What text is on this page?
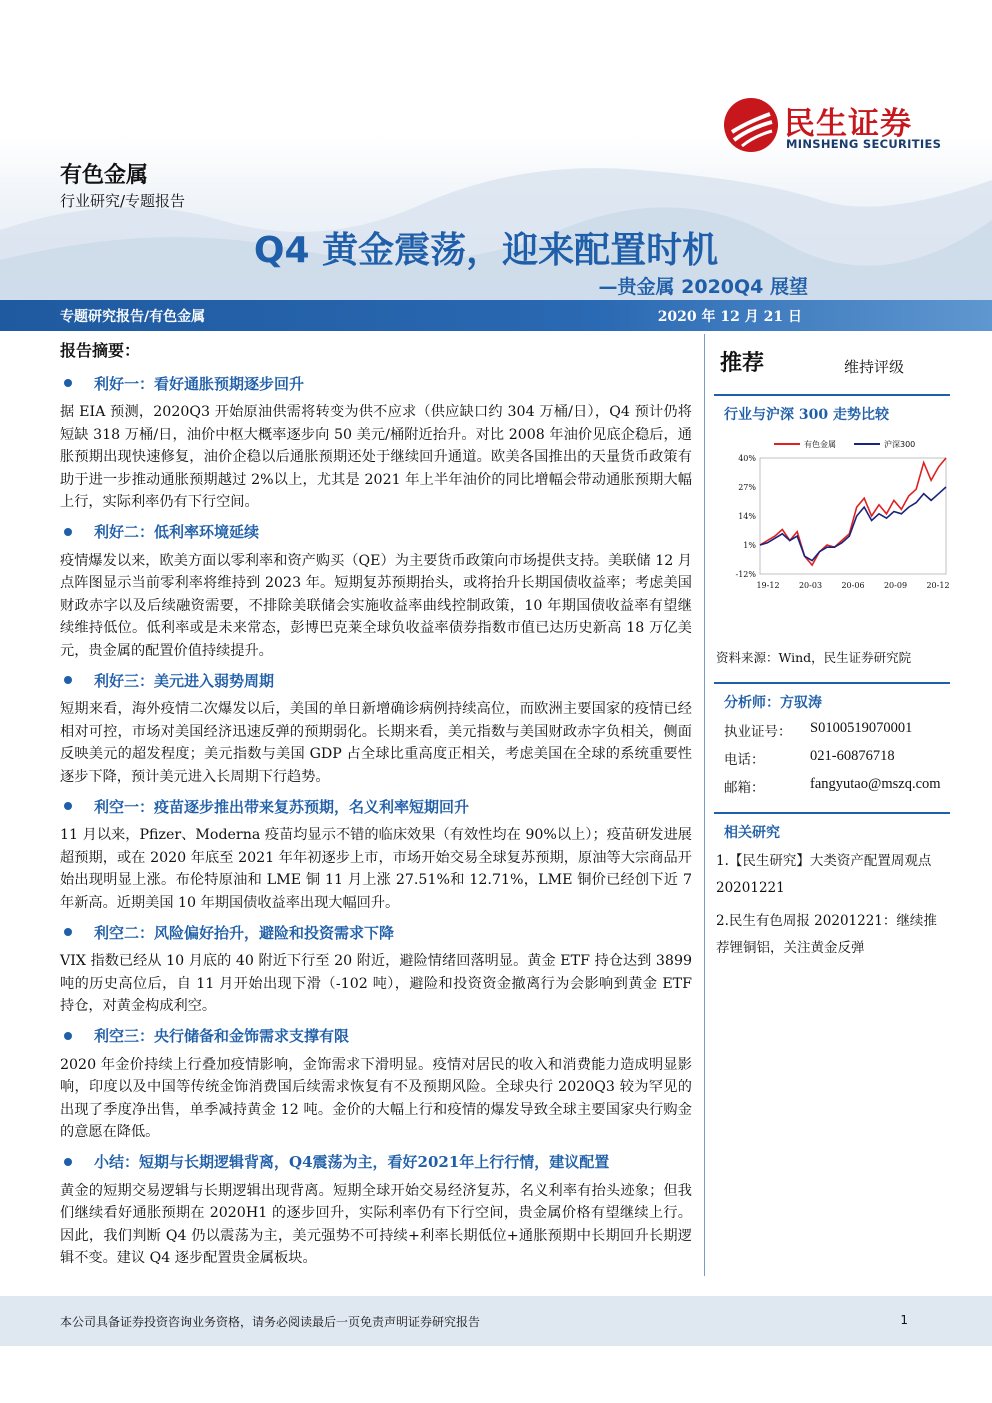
民生证券
MINSHENG SECURITIES
有色金属
行业研究/专题报告
Q4 黄金震荡，迎来配置时机
—贵金属 2020Q4 展望
专题研究报告/有色金属	2020 年 12 月 21 日
报告摘要：
利好一：看好通胀预期逐步回升
据 EIA 预测，2020Q3 开始原油供需将转变为供不应求（供应缺口约 304 万桶/日），Q4 预计仍将短缺 318 万桶/日，油价中枢大概率逐步向 50 美元/桶附近抬升。对比 2008 年油价见底企稳后，通胀预期出现快速修复，油价企稳以后通胀预期还处于继续回升通道。欧美各国推出的天量货币政策有助于进一步推动通胀预期越过 2%以上，尤其是 2021 年上半年油价的同比增幅会带动通胀预期大幅上行，实际利率仍有下行空间。
利好二：低利率环境延续
疫情爆发以来，欧美方面以零利率和资产购买（QE）为主要货币政策向市场提供支持。美联储 12 月点阵图显示当前零利率将维持到 2023 年。短期复苏预期抬头，或将抬升长期国债收益率；考虑美国财政赤字以及后续融资需要，不排除美联储会实施收益率曲线控制政策，10 年期国债收益率有望继续维持低位。低利率或是未来常态，彭博巴克莱全球负收益率债券指数市值已达历史新高 18 万亿美元，贵金属的配置价值持续提升。
利好三：美元进入弱势周期
短期来看，海外疫情二次爆发以后，美国的单日新增确诊病例持续高位，而欧洲主要国家的疫情已经相对可控，市场对美国经济迅速反弹的预期弱化。长期来看，美元指数与美国财政赤字负相关，侧面反映美元的超发程度；美元指数与美国 GDP 占全球比重高度正相关，考虑美国在全球的系统重要性逐步下降，预计美元进入长周期下行趋势。
利空一：疫苗逐步推出带来复苏预期，名义利率短期回升
11 月以来，Pfizer、Moderna 疫苗均显示不错的临床效果（有效性均在 90%以上）；疫苗研发进展超预期，或在 2020 年底至 2021 年年初逐步上市，市场开始交易全球复苏预期，原油等大宗商品开始出现明显上涨。布伦特原油和 LME 铜 11 月上涨 27.51%和 12.71%，LME 铜价已经创下近 7 年新高。近期美国 10 年期国债收益率出现大幅回升。
利空二：风险偏好抬升，避险和投资需求下降
VIX 指数已经从 10 月底的 40 附近下行至 20 附近，避险情绪回落明显。黄金 ETF 持仓达到 3899 吨的历史高位后，自 11 月开始出现下滑（-102 吨），避险和投资资金撤离行为会影响到黄金 ETF 持仓，对黄金构成利空。
利空三：央行储备和金饰需求支撑有限
2020 年金价持续上行叠加疫情影响，金饰需求下滑明显。疫情对居民的收入和消费能力造成明显影响，印度以及中国等传统金饰消费国后续需求恢复有不及预期风险。全球央行 2020Q3 较为罕见的出现了季度净出售，单季减持黄金 12 吨。金价的大幅上行和疫情的爆发导致全球主要国家央行购金的意愿在降低。
小结：短期与长期逻辑背离，Q4震荡为主，看好2021年上行行情，建议配置
黄金的短期交易逻辑与长期逻辑出现背离。短期全球开始交易经济复苏，名义利率有抬头迹象；但我们继续看好通胀预期在 2020H1 的逐步回升，实际利率仍有下行空间，贵金属价格有望继续上行。因此，我们判断 Q4 仍以震荡为主，美元强势不可持续+利率长期低位+通胀预期中长期回升长期逻辑不变。建议 Q4 逐步配置贵金属板块。
推荐	维持评级
行业与沪深 300 走势比较
40%
27%
14%
1%
-12%
19-12 20-03 20-06 20-09 20-12
有色金属	沪深300
资料来源：Wind，民生证券研究院
分析师：方驭涛
执业证号：	S0100519070001
电话：	021-60876718
邮箱：	fangyutao@mszq.com
相关研究
1.【民生研究】大类资产配置周观点 20201221
2.民生有色周报 20201221：继续推荐锂铜铝，关注黄金反弹
本公司具备证券投资咨询业务资格，请务必阅读最后一页免责声明证券研究报告	1
